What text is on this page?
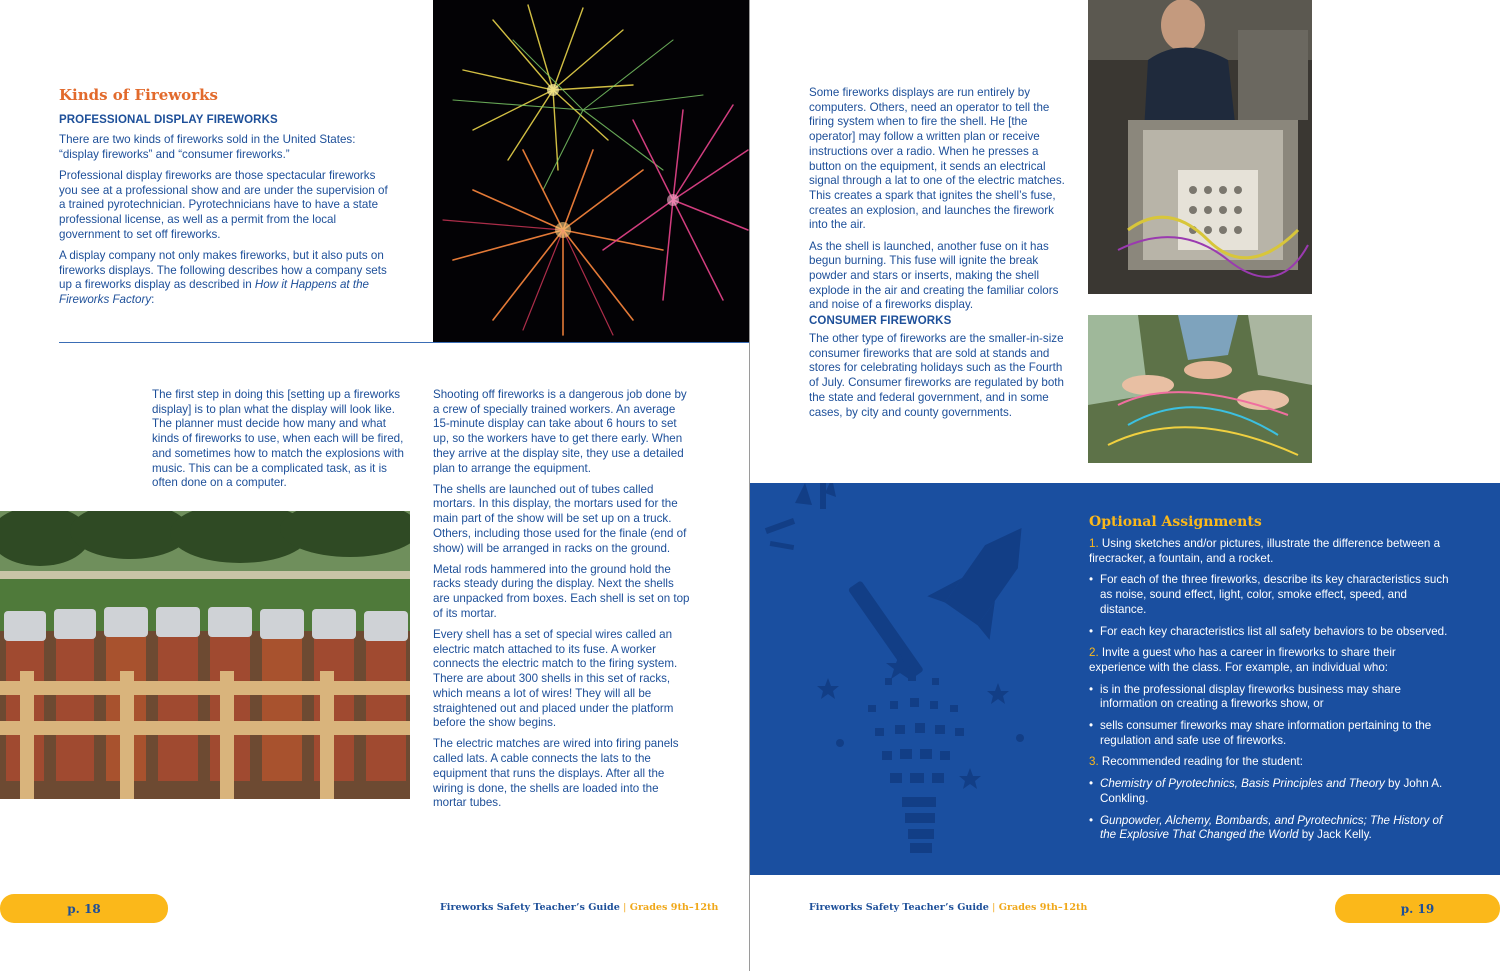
Kinds of Fireworks
PROFESSIONAL DISPLAY FIREWORKS

There are two kinds of fireworks sold in the United States: “display fireworks” and “consumer fireworks.”

Professional display fireworks are those spectacular fireworks you see at a professional show and are under the supervision of a trained pyrotechnician. Pyrotechnicians have to have a state professional license, as well as a permit from the local government to set off fireworks.

A display company not only makes fireworks, but it also puts on fireworks displays. The following describes how a company sets up a fireworks display as described in How it Happens at the Fireworks Factory:

The first step in doing this [setting up a fireworks display] is to plan what the display will look like. The planner must decide how many and what kinds of fireworks to use, when each will be fired, and sometimes how to match the explosions with music. This can be a complicated task, as it is often done on a computer.

Shooting off fireworks is a dangerous job done by a crew of specially trained workers. An average 15-minute display can take about 6 hours to set up, so the workers have to get there early. When they arrive at the display site, they use a detailed plan to arrange the equipment.

The shells are launched out of tubes called mortars. In this display, the mortars used for the main part of the show will be set up on a truck. Others, including those used for the finale (end of show) will be arranged in racks on the ground.

Metal rods hammered into the ground hold the racks steady during the display. Next the shells are unpacked from boxes. Each shell is set on top of its mortar.

Every shell has a set of special wires called an electric match attached to its fuse. A worker connects the electric match to the firing system. There are about 300 shells in this set of racks, which means a lot of wires! They will all be straightened out and placed under the platform before the show begins.

The electric matches are wired into firing panels called lats. A cable connects the lats to the equipment that runs the displays. After all the wiring is done, the shells are loaded into the mortar tubes.

p. 18	Fireworks Safety Teacher’s Guide | Grades 9th–12th

Some fireworks displays are run entirely by computers. Others, need an operator to tell the firing system when to fire the shell. He [the operator] may follow a written plan or receive instructions over a radio. When he presses a button on the equipment, it sends an electrical signal through a lat to one of the electric matches. This creates a spark that ignites the shell’s fuse, creates an explosion, and launches the firework into the air.

As the shell is launched, another fuse on it has begun burning. This fuse will ignite the break powder and stars or inserts, making the shell explode in the air and creating the familiar colors and noise of a fireworks display.

CONSUMER FIREWORKS
The other type of fireworks are the smaller-in-size consumer fireworks that are sold at stands and stores for celebrating holidays such as the Fourth of July. Consumer fireworks are regulated by both the state and federal government, and in some cases, by city and county governments.
Optional Assignments
1. Using sketches and/or pictures, illustrate the difference between a firecracker, a fountain, and a rocket.
• For each of the three fireworks, describe its key characteristics such as noise, sound effect, light, color, smoke effect, speed, and distance.
• For each key characteristics list all safety behaviors to be observed.
2. Invite a guest who has a career in fireworks to share their experience with the class. For example, an individual who:
• is in the professional display fireworks business may share information on creating a fireworks show, or
• sells consumer fireworks may share information pertaining to the regulation and safe use of fireworks.
3. Recommended reading for the student:
• Chemistry of Pyrotechnics, Basis Principles and Theory by John A. Conkling.
• Gunpowder, Alchemy, Bombards, and Pyrotechnics; The History of the Explosive That Changed the World by Jack Kelly.
Fireworks Safety Teacher’s Guide | Grades 9th–12th	p. 19
